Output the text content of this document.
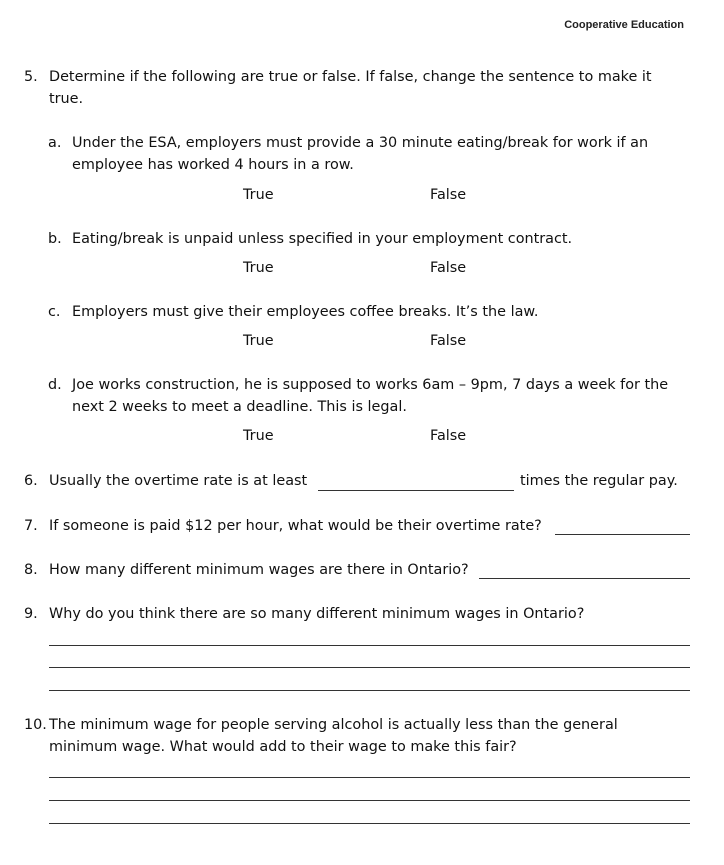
Cooperative Education
5. Determine if the following are true or false. If false, change the sentence to make it true.
a. Under the ESA, employers must provide a 30 minute eating/break for work if an employee has worked 4 hours in a row.
True	False
b. Eating/break is unpaid unless specified in your employment contract.
True	False
c. Employers must give their employees coffee breaks. It’s the law.
True	False
d. Joe works construction, he is supposed to works 6am – 9pm, 7 days a week for the next 2 weeks to meet a deadline. This is legal.
True	False
6. Usually the overtime rate is at least	times the regular pay.
7. If someone is paid $12 per hour, what would be their overtime rate?
8. How many different minimum wages are there in Ontario?
9. Why do you think there are so many different minimum wages in Ontario?
10. The minimum wage for people serving alcohol is actually less than the general minimum wage. What would add to their wage to make this fair?
